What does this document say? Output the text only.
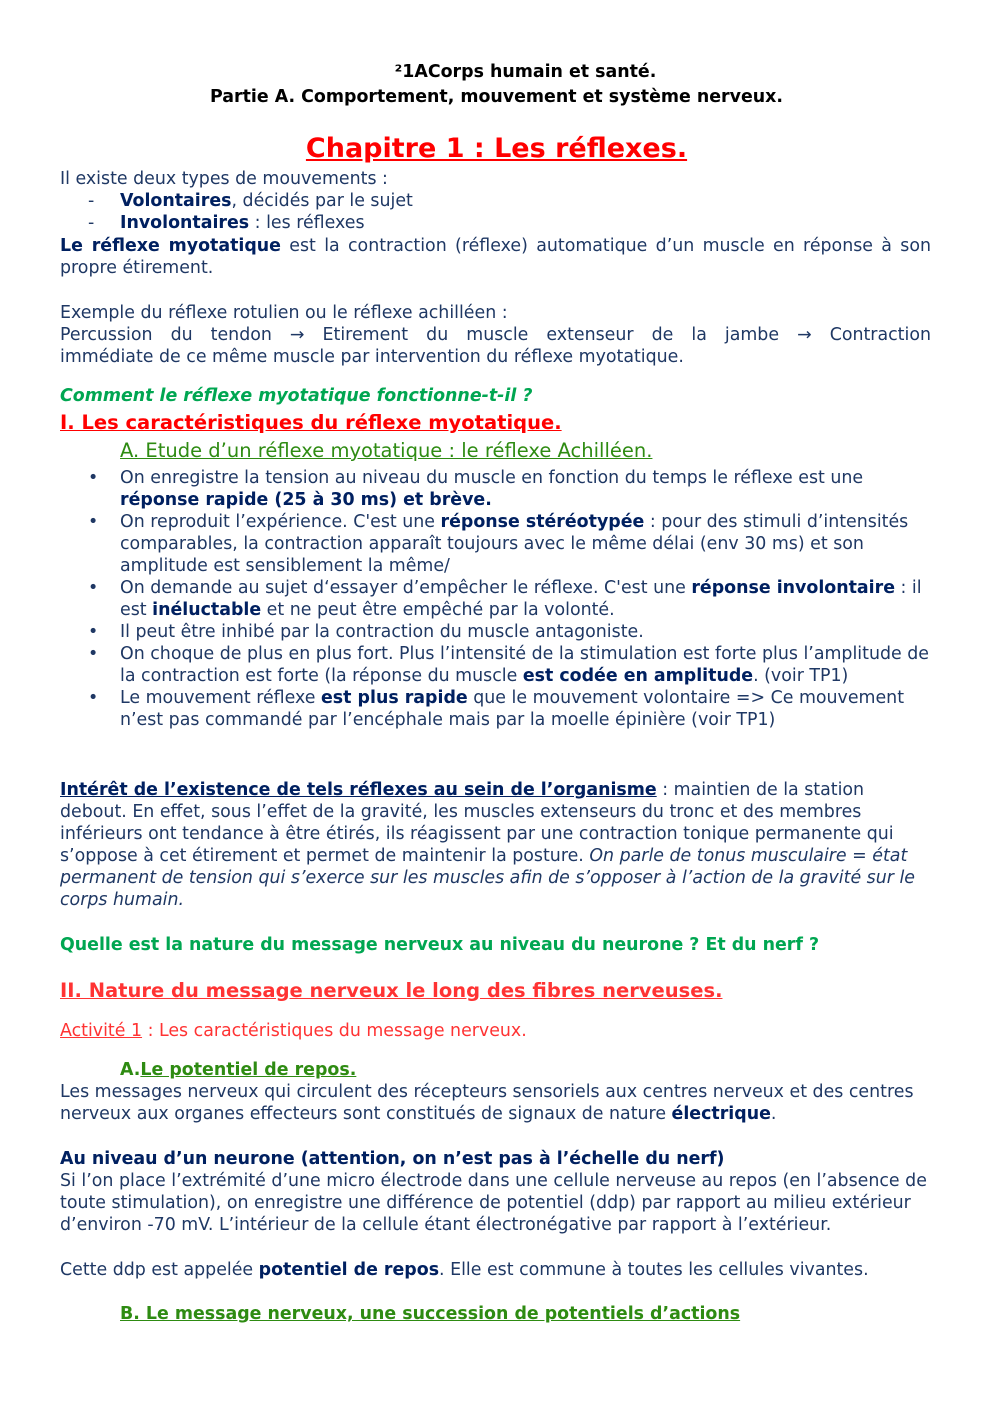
²1ACorps humain et santé.
Partie A. Comportement, mouvement et système nerveux.
Chapitre 1 : Les réflexes.
Il existe deux types de mouvements :
- Volontaires, décidés par le sujet
- Involontaires : les réflexes
Le réflexe myotatique est la contraction (réflexe) automatique d’un muscle en réponse à son propre étirement.
Exemple du réflexe rotulien ou le réflexe achilléen :
Percussion du tendon → Etirement du muscle extenseur de la jambe → Contraction
immédiate de ce même muscle par intervention du réflexe myotatique.
Comment le réflexe myotatique fonctionne-t-il ?
I. Les caractéristiques du réflexe myotatique.
A. Etude d’un réflexe myotatique : le réflexe Achilléen.
• On enregistre la tension au niveau du muscle en fonction du temps le réflexe est une réponse rapide (25 à 30 ms) et brève.
• On reproduit l’expérience. C'est une réponse stéréotypée : pour des stimuli d’intensités comparables, la contraction apparaît toujours avec le même délai (env 30 ms) et son amplitude est sensiblement la même/
• On demande au sujet d‘essayer d’empêcher le réflexe. C'est une réponse involontaire : il est inéluctable et ne peut être empêché par la volonté.
• Il peut être inhibé par la contraction du muscle antagoniste.
• On choque de plus en plus fort. Plus l’intensité de la stimulation est forte plus l’amplitude de la contraction est forte (la réponse du muscle est codée en amplitude. (voir TP1)
• Le mouvement réflexe est plus rapide que le mouvement volontaire => Ce mouvement n’est pas commandé par l’encéphale mais par la moelle épinière (voir TP1)
Intérêt de l’existence de tels réflexes au sein de l’organisme : maintien de la station debout. En effet, sous l’effet de la gravité, les muscles extenseurs du tronc et des membres inférieurs ont tendance à être étirés, ils réagissent par une contraction tonique permanente qui s’oppose à cet étirement et permet de maintenir la posture. On parle de tonus musculaire = état permanent de tension qui s’exerce sur les muscles afin de s’opposer à l’action de la gravité sur le corps humain.
Quelle est la nature du message nerveux au niveau du neurone ? Et du nerf ?
II. Nature du message nerveux le long des fibres nerveuses.
Activité 1 : Les caractéristiques du message nerveux.
A.Le potentiel de repos.
Les messages nerveux qui circulent des récepteurs sensoriels aux centres nerveux et des centres nerveux aux organes effecteurs sont constitués de signaux de nature électrique.
Au niveau d’un neurone (attention, on n’est pas à l’échelle du nerf)
Si l’on place l’extrémité d’une micro électrode dans une cellule nerveuse au repos (en l’absence de toute stimulation), on enregistre une différence de potentiel (ddp) par rapport au milieu extérieur d’environ -70 mV. L’intérieur de la cellule étant électronégative par rapport à l’extérieur.
Cette ddp est appelée potentiel de repos. Elle est commune à toutes les cellules vivantes.
B. Le message nerveux, une succession de potentiels d’actions
